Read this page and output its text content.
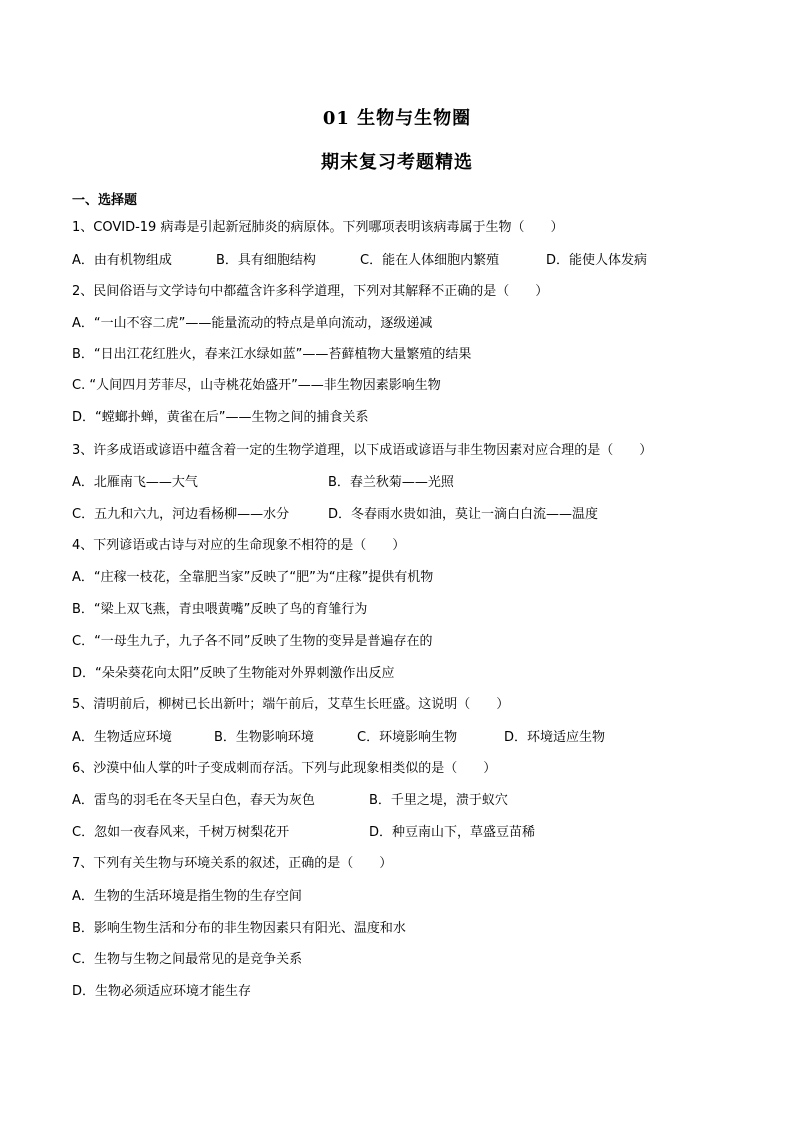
01 生物与生物圈
期末复习考题精选
一、选择题
1、COVID-19 病毒是引起新冠肺炎的病原体。下列哪项表明该病毒属于生物（　　）
A．由有机物组成	B．具有细胞结构	C．能在人体细胞内繁殖	D．能使人体发病
2、民间俗语与文学诗句中都蕴含许多科学道理，下列对其解释不正确的是（　　）
A．“一山不容二虎”——能量流动的特点是单向流动，逐级递减
B．“日出江花红胜火，春来江水绿如蓝”——苔藓植物大量繁殖的结果
C. “人间四月芳菲尽，山寺桃花始盛开”——非生物因素影响生物
D．“螳螂扑蝉，黄雀在后”——生物之间的捕食关系
3、许多成语或谚语中蕴含着一定的生物学道理，以下成语或谚语与非生物因素对应合理的是（　　）
A．北雁南飞——大气	B．春兰秋菊——光照
C．五九和六九，河边看杨柳——水分	D．冬春雨水贵如油，莫让一滴白白流——温度
4、下列谚语或古诗与对应的生命现象不相符的是（　　）
A．“庄稼一枝花，全靠肥当家”反映了“肥”为“庄稼”提供有机物
B．“梁上双飞燕，青虫喂黄嘴”反映了鸟的育雏行为
C．“一母生九子，九子各不同”反映了生物的变异是普遍存在的
D．“朵朵葵花向太阳”反映了生物能对外界刺激作出反应
5、清明前后，柳树已长出新叶；端午前后，艾草生长旺盛。这说明（　　）
A．生物适应环境	B．生物影响环境	C．环境影响生物	D．环境适应生物
6、沙漠中仙人掌的叶子变成刺而存活。下列与此现象相类似的是（　　）
A．雷鸟的羽毛在冬天呈白色，春天为灰色	B．千里之堤，溃于蚁穴
C．忽如一夜春风来，千树万树梨花开	D．种豆南山下，草盛豆苗稀
7、下列有关生物与环境关系的叙述，正确的是（　　）
A．生物的生活环境是指生物的生存空间
B．影响生物生活和分布的非生物因素只有阳光、温度和水
C．生物与生物之间最常见的是竞争关系
D．生物必须适应环境才能生存
